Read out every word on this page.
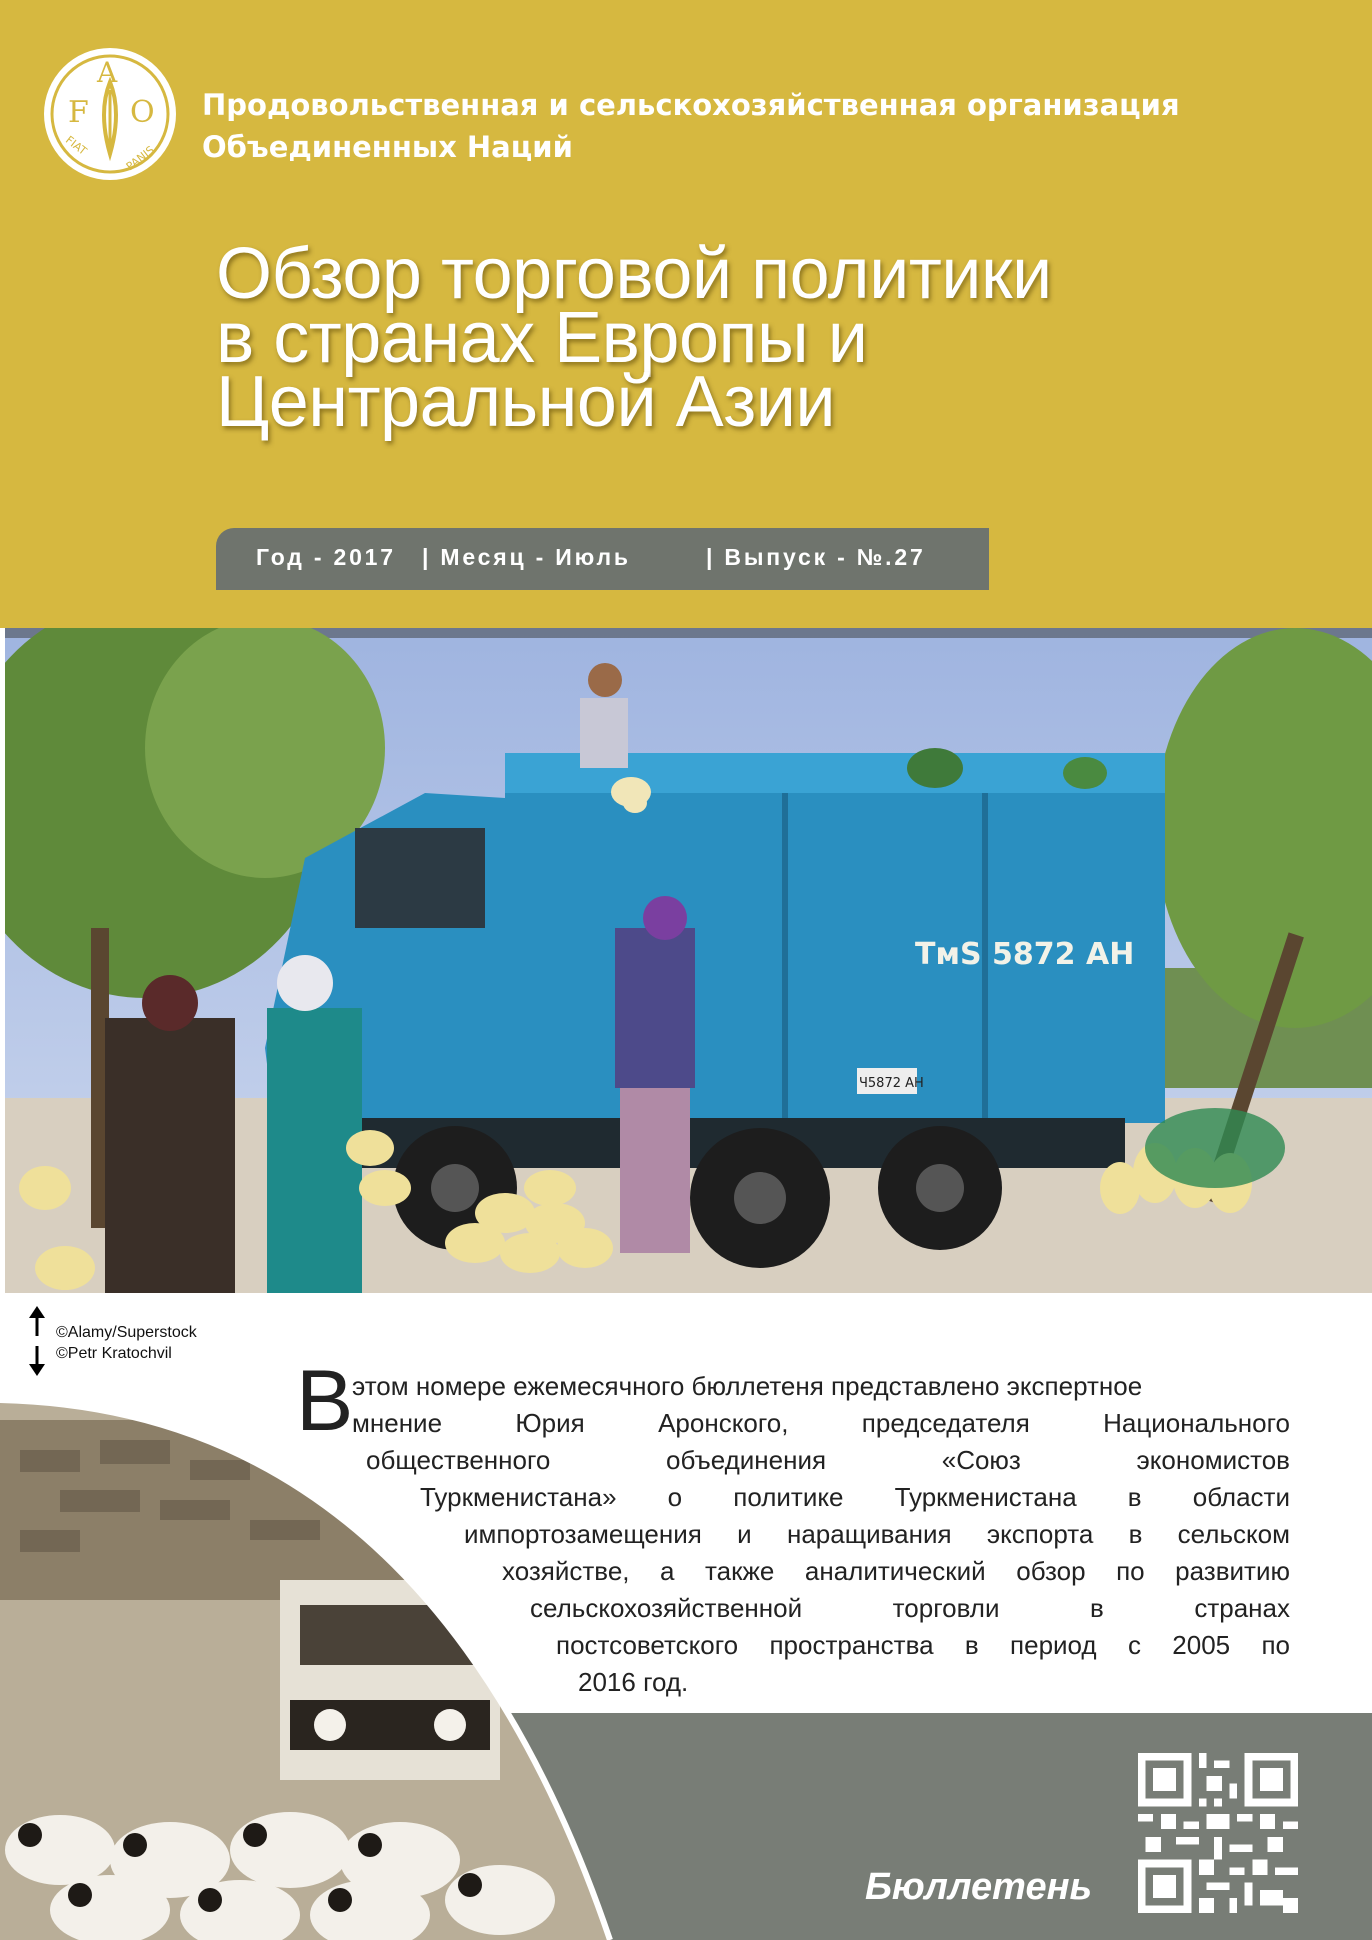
F
A
O
FIAT	PANIS
Продовольственная и сельскохозяйственная организация
Объединенных Наций
Обзор торговой политики
в странах Европы и
Центральной Азии
Год - 2017 | Месяц - Июль	| Выпуск - №.27
ТмS 5872 АН
Ч5872 АН
©Alamy/Superstock
©Petr Kratochvil В
этом номере ежемесячного бюллетеня представлено экспертное
мнение Юрия Аронского, председателя Национального
общественного объединения «Союз экономистов
Туркменистана» о политике Туркменистана в области
импортозамещения и наращивания экспорта в сельском
хозяйстве, а также аналитический обзор по развитию
сельскохозяйственной торговли в странах
постсоветского пространства в период с 2005 по
2016 год.
Бюллетень
